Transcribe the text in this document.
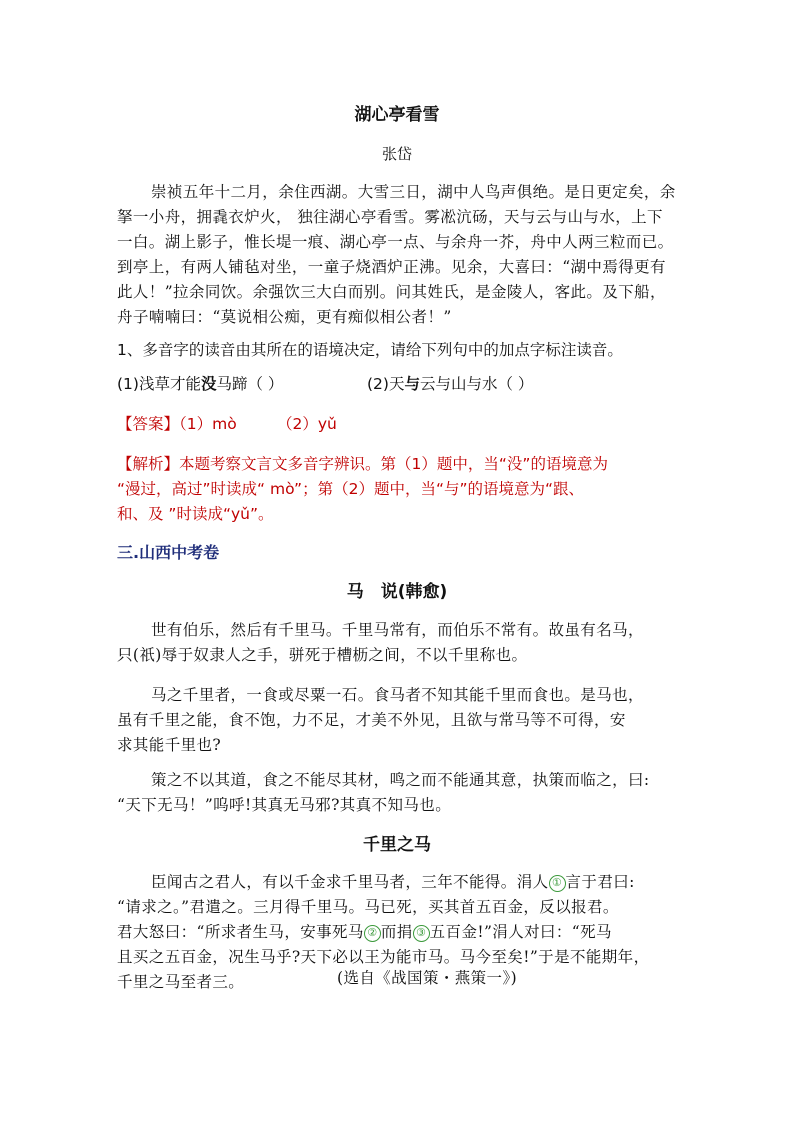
湖心亭看雪
张岱
崇祯五年十二月，余住西湖。大雪三日，湖中人鸟声俱绝。是日更定矣，余
拏一小舟，拥毳衣炉火， 独往湖心亭看雪。雾凇沆砀，天与云与山与水，上下
一白。湖上影子，惟长堤一痕、湖心亭一点、与余舟一芥，舟中人两三粒而已。
到亭上，有两人铺毡对坐，一童子烧酒炉正沸。见余，大喜曰：“湖中焉得更有
此人！”拉余同饮。余强饮三大白而别。问其姓氏，是金陵人，客此。及下船，
舟子喃喃曰：“莫说相公痴，更有痴似相公者！”
1、多音字的读音由其所在的语境决定，请给下列句中的加点字标注读音。
(1)浅草才能没马蹄（ ）	(2)天与云与山与水（ ）
【答案】（1）mò	（2）yǔ
【解析】本题考察文言文多音字辨识。第（1）题中，当“没”的语境意为
“漫过，高过”时读成“ mò”；第（2）题中，当“与”的语境意为“跟、
和、及 ”时读成“yǔ”。
三.山西中考卷
马　说(韩愈)
世有伯乐，然后有千里马。千里马常有，而伯乐不常有。故虽有名马，
只(祇)辱于奴隶人之手，骈死于槽枥之间，不以千里称也。
马之千里者，一食或尽粟一石。食马者不知其能千里而食也。是马也，
虽有千里之能，食不饱，力不足，才美不外见，且欲与常马等不可得，安
求其能千里也?
策之不以其道，食之不能尽其材，鸣之而不能通其意，执策而临之，曰:
“天下无马！”呜呼!其真无马邪?其真不知马也。
千里之马
臣闻古之君人，有以千金求千里马者，三年不能得。涓人 ① 言于君曰:
“请求之。”君遣之。三月得千里马。马已死，买其首五百金，反以报君。
君大怒曰：“所求者生马，安事死马 ② 而捐 ③ 五百金!”涓人对曰：“死马
且买之五百金，况生马乎?天下必以王为能市马。马今至矣!”于是不能期年，
千里之马至者三。	(选自《战国策・燕策一》)
